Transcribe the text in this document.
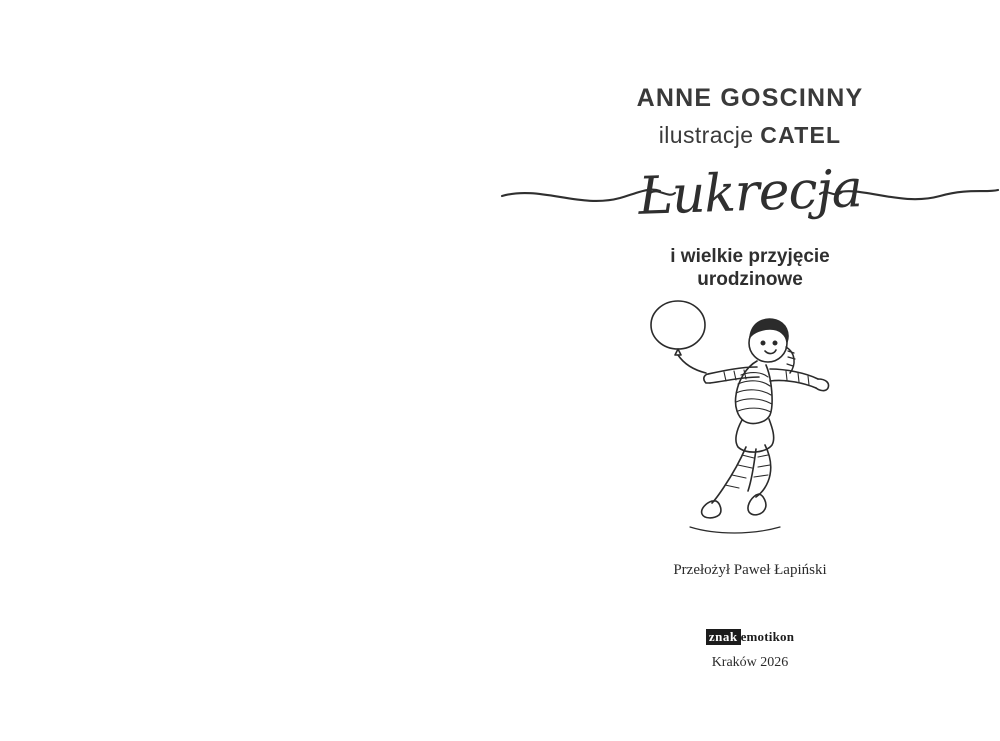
ANNE GOSCINNY
ilustracje CATEL
Lukrecja
i wielkie przyjęcie
urodzinowe
Przełożył Paweł Łapiński
znak emotikon
Kraków 2026
